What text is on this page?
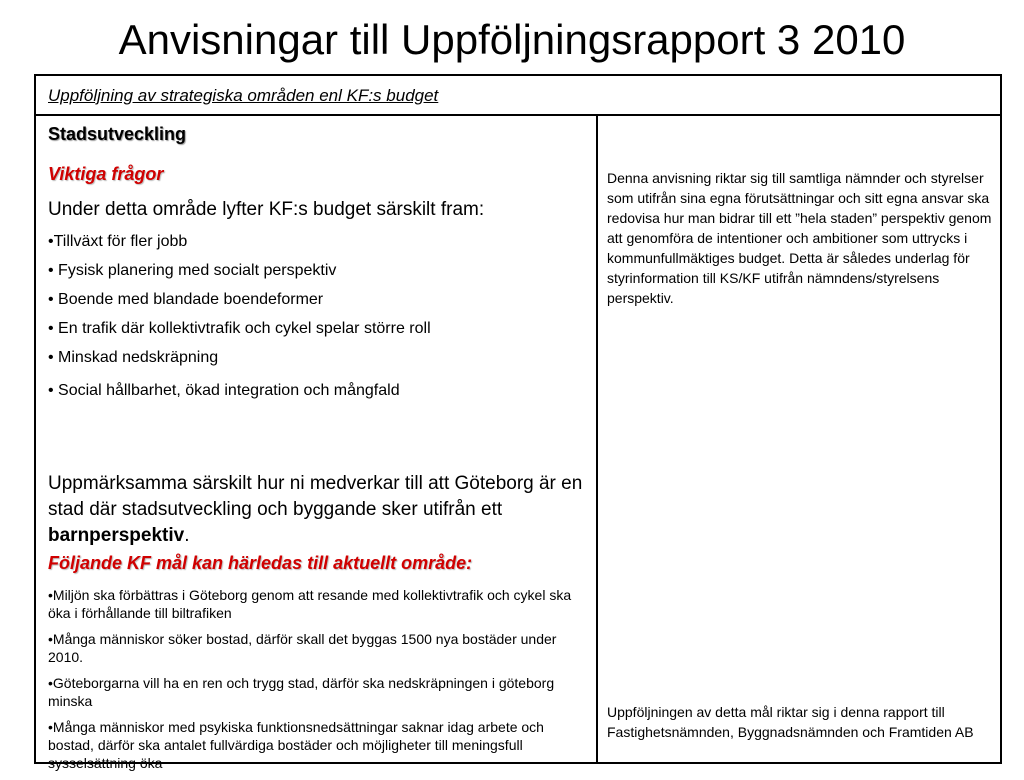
Anvisningar till Uppföljningsrapport 3 2010
Uppföljning av strategiska områden enl KF:s budget
Stadsutveckling
Viktiga frågor
Under detta område lyfter KF:s budget särskilt fram:
•Tillväxt för fler jobb
• Fysisk planering med socialt perspektiv
• Boende med blandade boendeformer
• En trafik där kollektivtrafik och cykel spelar större roll
• Minskad nedskräpning
• Social hållbarhet, ökad integration och mångfald
Uppmärksamma särskilt hur ni medverkar till att Göteborg är en stad där stadsutveckling och byggande sker utifrån ett barnperspektiv.
Följande KF mål kan härledas till aktuellt område:
•Miljön ska förbättras i Göteborg genom att resande med kollektivtrafik och cykel ska öka i förhållande till biltrafiken
•Många människor söker bostad, därför skall det byggas 1500 nya bostäder under 2010.
•Göteborgarna vill ha en ren och trygg stad, därför ska nedskräpningen i göteborg minska
•Många människor med psykiska funktionsnedsättningar saknar idag arbete och bostad, därför ska antalet fullvärdiga bostäder och möjligheter till meningsfull sysselsättning öka
Denna anvisning riktar sig till samtliga nämnder och styrelser som utifrån sina egna förutsättningar och sitt egna ansvar ska redovisa hur man bidrar till ett ”hela staden” perspektiv genom att genomföra de intentioner och ambitioner som uttrycks i kommunfullmäktiges budget. Detta är således underlag för styrinformation till KS/KF utifrån nämndens/styrelsens perspektiv.
Uppföljningen av detta mål riktar sig i denna rapport till Fastighetsnämnden, Byggnadsnämnden och Framtiden AB
